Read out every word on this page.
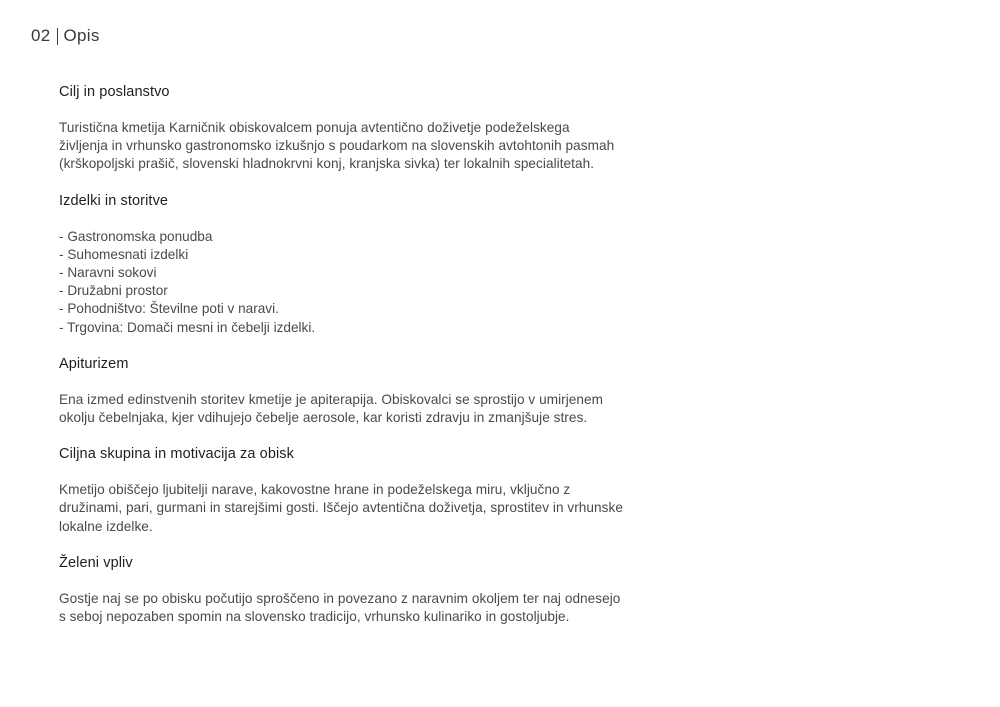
02 Opis
Cilj in poslanstvo

Turistična kmetija Karničnik obiskovalcem ponuja avtentično doživetje podeželskega
življenja in vrhunsko gastronomsko izkušnjo s poudarkom na slovenskih avtohtonih pasmah
(krškopoljski prašič, slovenski hladnokrvni konj, kranjska sivka) ter lokalnih specialitetah.

Izdelki in storitve
- Gastronomska ponudba
- Suhomesnati izdelki
- Naravni sokovi
- Družabni prostor
- Pohodništvo: Številne poti v naravi.
- Trgovina: Domači mesni in čebelji izdelki.
Apiturizem

Ena izmed edinstvenih storitev kmetije je apiterapija. Obiskovalci se sprostijo v umirjenem
okolju čebelnjaka, kjer vdihujejo čebelje aerosole, kar koristi zdravju in zmanjšuje stres.

Ciljna skupina in motivacija za obisk

Kmetijo obiščejo ljubitelji narave, kakovostne hrane in podeželskega miru, vključno z
družinami, pari, gurmani in starejšimi gosti. Iščejo avtentična doživetja, sprostitev in vrhunske
lokalne izdelke.

Želeni vpliv

Gostje naj se po obisku počutijo sproščeno in povezano z naravnim okoljem ter naj odnesejo
s seboj nepozaben spomin na slovensko tradicijo, vrhunsko kulinariko in gostoljubje.
